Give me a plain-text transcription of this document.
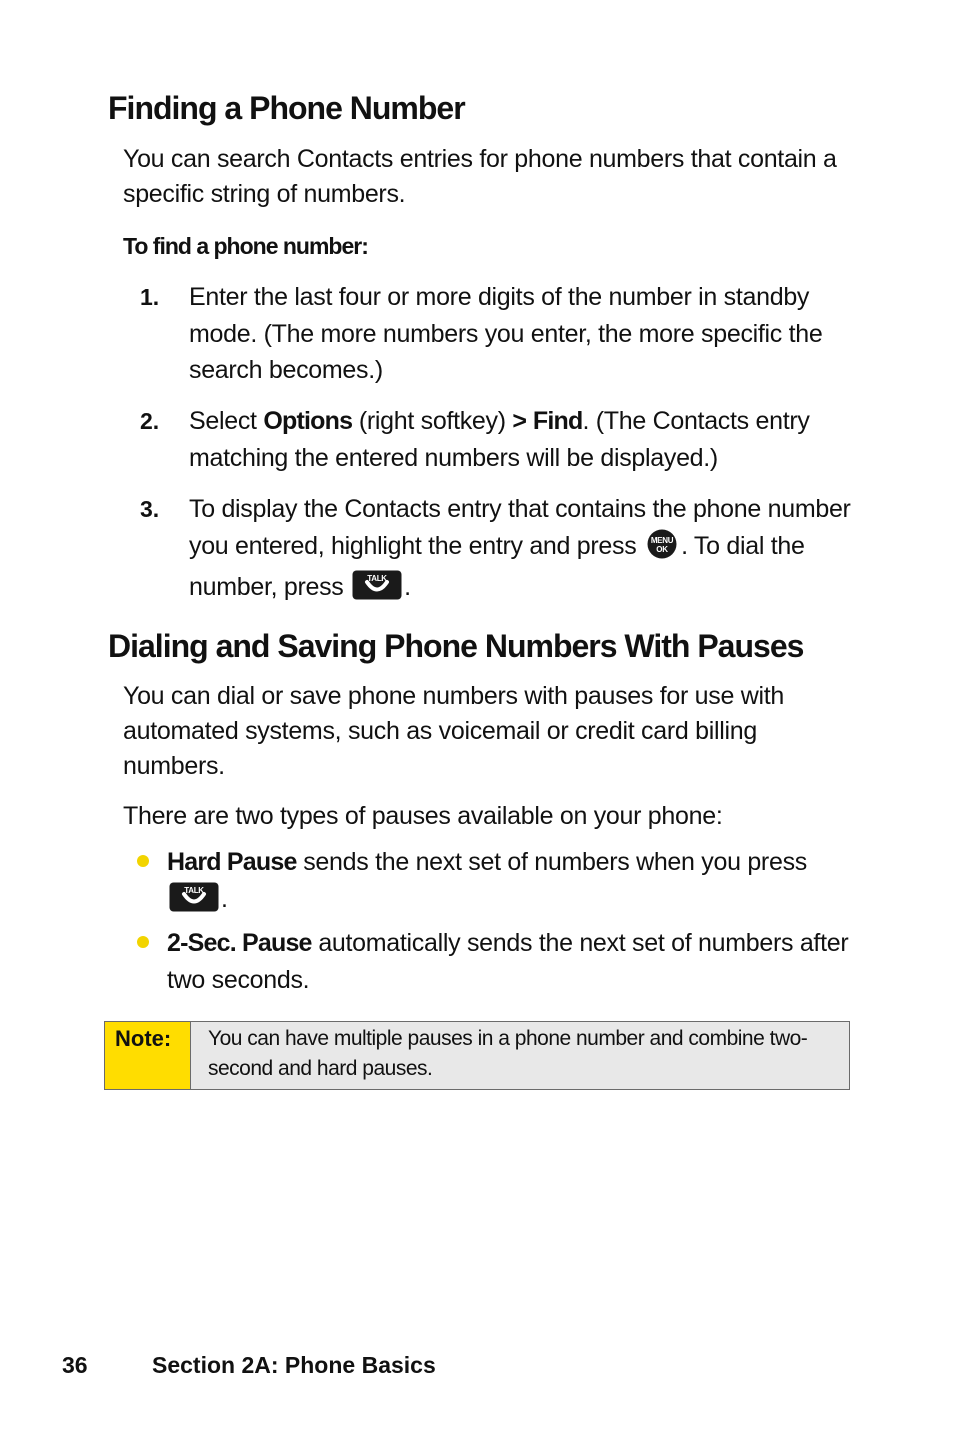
Finding a Phone Number

You can search Contacts entries for phone numbers that contain a specific string of numbers.

To find a phone number:

1.	Enter the last four or more digits of the number in standby mode. (The more numbers you enter, the more specific the search becomes.)
2.	Select Options (right softkey) > Find. (The Contacts entry matching the entered numbers will be displayed.)
3.	To display the Contacts entry that contains the phone number you entered, highlight the entry and press MENU
OK . To dial the number, press TALK .
Dialing and Saving Phone Numbers With Pauses

You can dial or save phone numbers with pauses for use with automated systems, such as voicemail or credit card billing numbers.

There are two types of pauses available on your phone:

Hard Pause sends the next set of numbers when you press
TALK .
2-Sec. Pause automatically sends the next set of numbers after two seconds.
Note:	You can have multiple pauses in a phone number and combine two-second and hard pauses.
36	Section 2A: Phone Basics
